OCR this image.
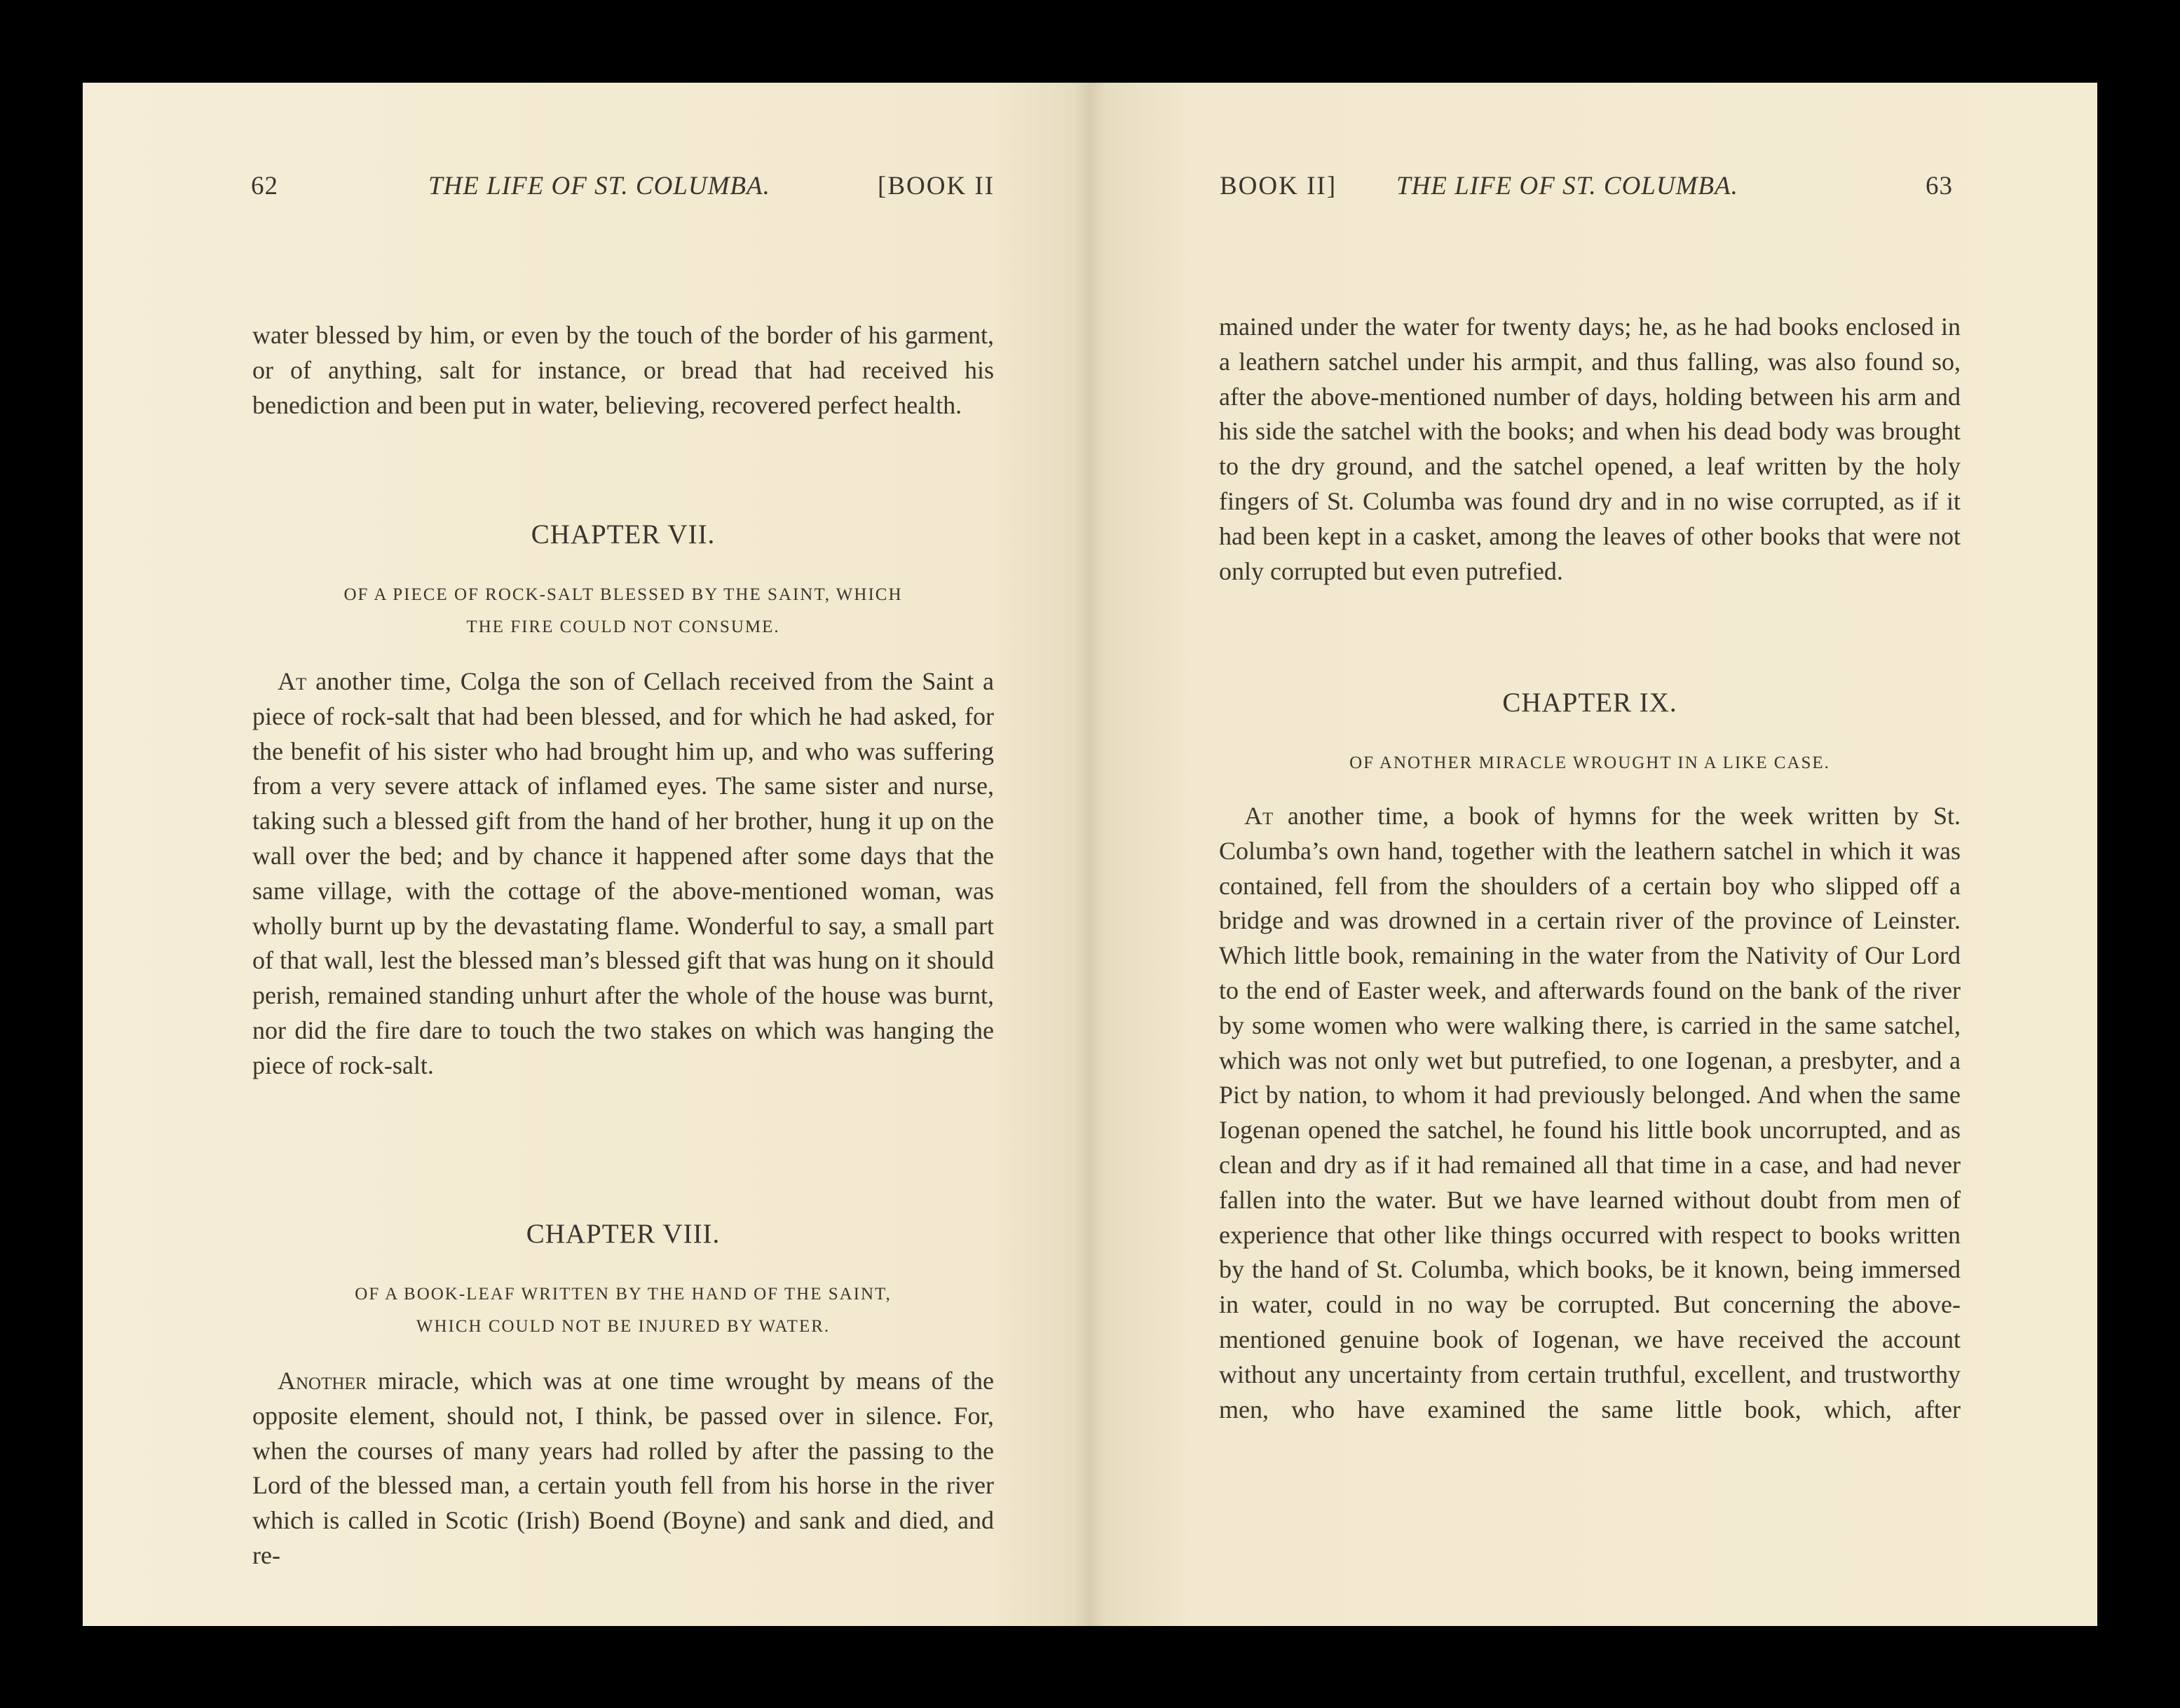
62	THE LIFE OF ST. COLUMBA.	[BOOK II

water blessed by him, or even by the touch of the border of his garment, or of anything, salt for instance, or bread that had received his benediction and been put in water, believing, recovered perfect health.

CHAPTER VII.
OF A PIECE OF ROCK-SALT BLESSED BY THE SAINT, WHICH
THE FIRE COULD NOT CONSUME.

At another time, Colga the son of Cellach received from the Saint a piece of rock-salt that had been blessed, and for which he had asked, for the benefit of his sister who had brought him up, and who was suffering from a very severe attack of inflamed eyes. The same sister and nurse, taking such a blessed gift from the hand of her brother, hung it up on the wall over the bed; and by chance it happened after some days that the same village, with the cottage of the above-mentioned woman, was wholly burnt up by the devastating flame. Wonderful to say, a small part of that wall, lest the blessed man’s blessed gift that was hung on it should perish, remained standing unhurt after the whole of the house was burnt, nor did the fire dare to touch the two stakes on which was hanging the piece of rock-salt.

CHAPTER VIII.
OF A BOOK-LEAF WRITTEN BY THE HAND OF THE SAINT,
WHICH COULD NOT BE INJURED BY WATER.

Another miracle, which was at one time wrought by means of the opposite element, should not, I think, be passed over in silence. For, when the courses of many years had rolled by after the passing to the Lord of the blessed man, a certain youth fell from his horse in the river which is called in Scotic (Irish) Boend (Boyne) and sank and died, and re-

BOOK II] THE LIFE OF ST. COLUMBA.	63

mained under the water for twenty days; he, as he had books enclosed in a leathern satchel under his armpit, and thus falling, was also found so, after the above-mentioned number of days, holding between his arm and his side the satchel with the books; and when his dead body was brought to the dry ground, and the satchel opened, a leaf written by the holy fingers of St. Columba was found dry and in no wise corrupted, as if it had been kept in a casket, among the leaves of other books that were not only corrupted but even putrefied.

CHAPTER IX.
OF ANOTHER MIRACLE WROUGHT IN A LIKE CASE.

At another time, a book of hymns for the week written by St. Columba’s own hand, together with the leathern satchel in which it was contained, fell from the shoulders of a certain boy who slipped off a bridge and was drowned in a certain river of the province of Leinster. Which little book, remaining in the water from the Nativity of Our Lord to the end of Easter week, and afterwards found on the bank of the river by some women who were walking there, is carried in the same satchel, which was not only wet but putrefied, to one Iogenan, a presbyter, and a Pict by nation, to whom it had previously belonged. And when the same Iogenan opened the satchel, he found his little book uncorrupted, and as clean and dry as if it had remained all that time in a case, and had never fallen into the water. But we have learned without doubt from men of experience that other like things occurred with respect to books written by the hand of St. Columba, which books, be it known, being immersed in water, could in no way be corrupted. But concerning the above-mentioned genuine book of Iogenan, we have received the account without any uncertainty from certain truthful, excellent, and trustworthy men, who have examined the same little book, which, after
